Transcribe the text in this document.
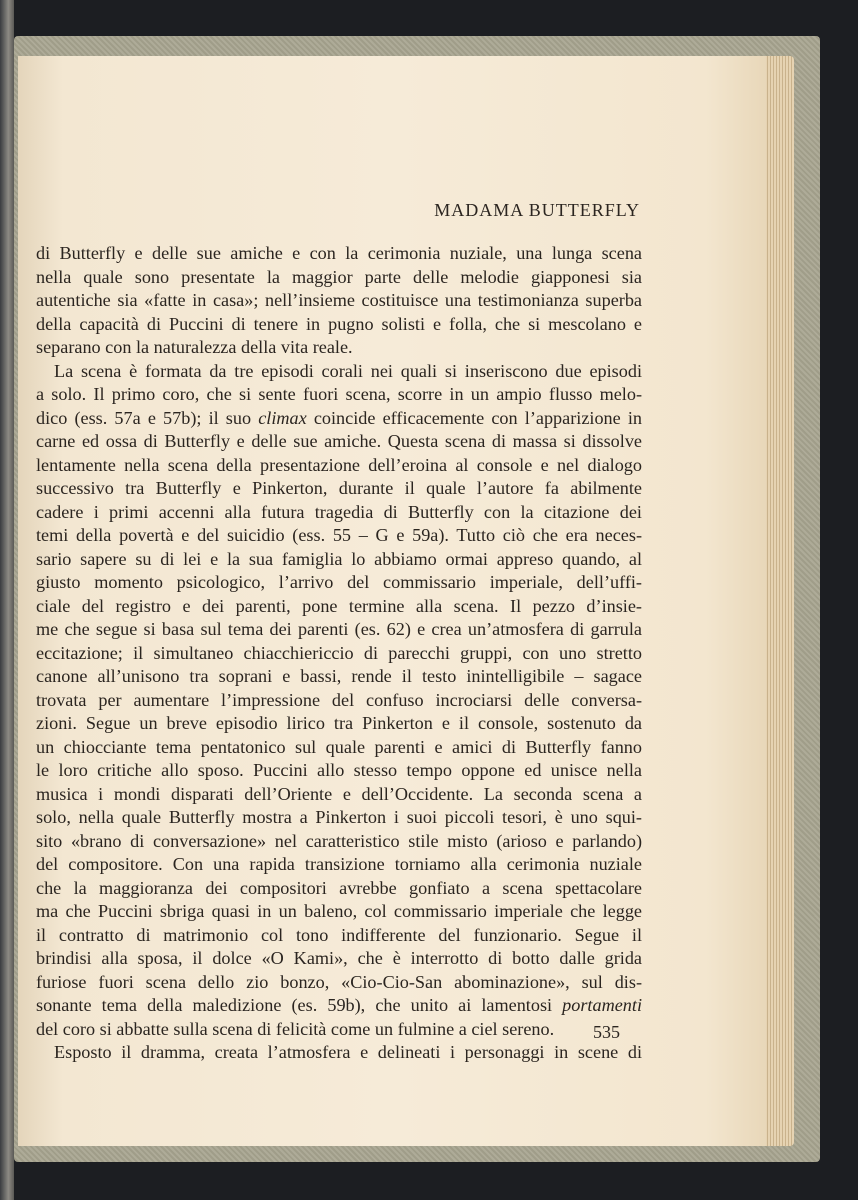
MADAMA BUTTERFLY

di Butterfly e delle sue amiche e con la cerimonia nuziale, una lunga scena
nella quale sono presentate la maggior parte delle melodie giapponesi sia
autentiche sia «fatte in casa»; nell’insieme costituisce una testimonianza superba
della capacità di Puccini di tenere in pugno solisti e folla, che si mescolano e
separano con la naturalezza della vita reale.

La scena è formata da tre episodi corali nei quali si inseriscono due episodi
a solo. Il primo coro, che si sente fuori scena, scorre in un ampio flusso melo-
dico (ess. 57a e 57b); il suo climax coincide efficacemente con l’apparizione in
carne ed ossa di Butterfly e delle sue amiche. Questa scena di massa si dissolve
lentamente nella scena della presentazione dell’eroina al console e nel dialogo
successivo tra Butterfly e Pinkerton, durante il quale l’autore fa abilmente
cadere i primi accenni alla futura tragedia di Butterfly con la citazione dei
temi della povertà e del suicidio (ess. 55 – G e 59a). Tutto ciò che era neces-
sario sapere su di lei e la sua famiglia lo abbiamo ormai appreso quando, al
giusto momento psicologico, l’arrivo del commissario imperiale, dell’uffi-
ciale del registro e dei parenti, pone termine alla scena. Il pezzo d’insie-
me che segue si basa sul tema dei parenti (es. 62) e crea un’atmosfera di garrula
eccitazione; il simultaneo chiacchiericcio di parecchi gruppi, con uno stretto
canone all’unisono tra soprani e bassi, rende il testo inintelligibile – sagace
trovata per aumentare l’impressione del confuso incrociarsi delle conversa-
zioni. Segue un breve episodio lirico tra Pinkerton e il console, sostenuto da
un chiocciante tema pentatonico sul quale parenti e amici di Butterfly fanno
le loro critiche allo sposo. Puccini allo stesso tempo oppone ed unisce nella
musica i mondi disparati dell’Oriente e dell’Occidente. La seconda scena a
solo, nella quale Butterfly mostra a Pinkerton i suoi piccoli tesori, è uno squi-
sito «brano di conversazione» nel caratteristico stile misto (arioso e parlando)
del compositore. Con una rapida transizione torniamo alla cerimonia nuziale
che la maggioranza dei compositori avrebbe gonfiato a scena spettacolare
ma che Puccini sbriga quasi in un baleno, col commissario imperiale che legge
il contratto di matrimonio col tono indifferente del funzionario. Segue il
brindisi alla sposa, il dolce «O Kami», che è interrotto di botto dalle grida
furiose fuori scena dello zio bonzo, «Cio-Cio-San abominazione», sul dis-
sonante tema della maledizione (es. 59b), che unito ai lamentosi portamenti
del coro si abbatte sulla scena di felicità come un fulmine a ciel sereno.

Esposto il dramma, creata l’atmosfera e delineati i personaggi in scene di

535
